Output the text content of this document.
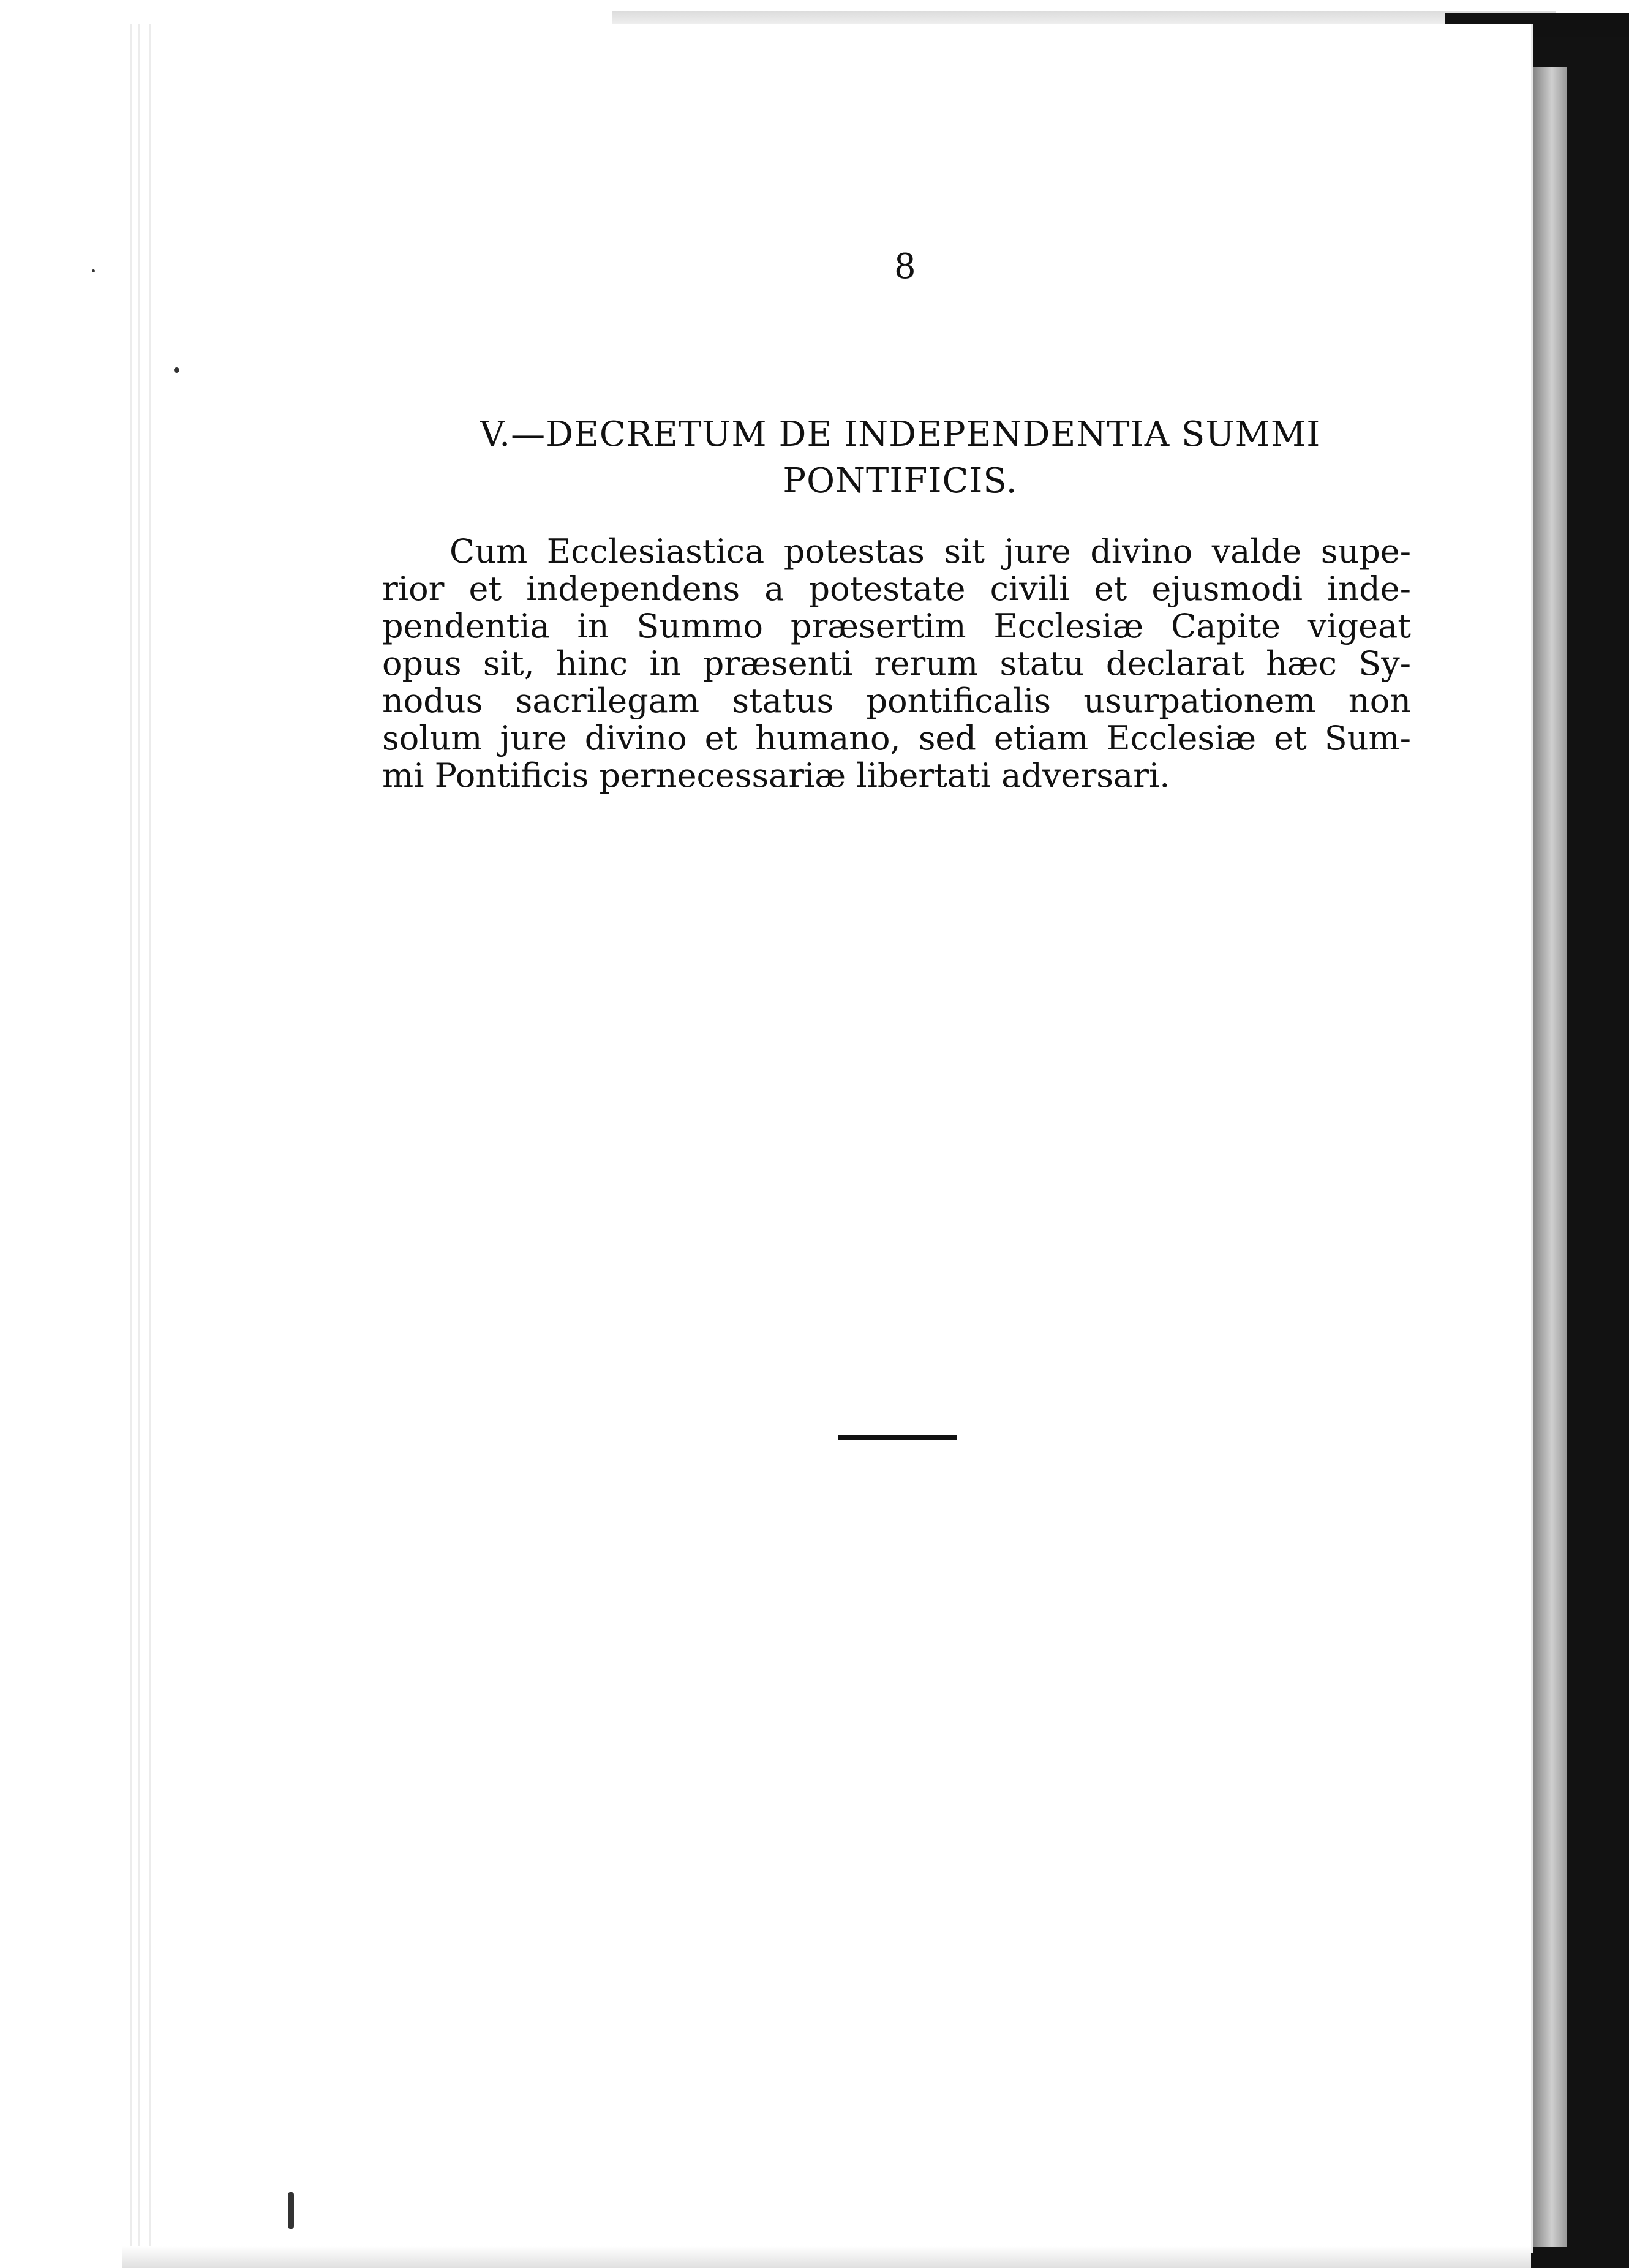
8
V.—DECRETUM DE INDEPENDENTIA SUMMI
PONTIFICIS.
Cum Ecclesiastica potestas sit jure divino valde supe-
rior et independens a potestate civili et ejusmodi inde-
pendentia in Summo præsertim Ecclesiæ Capite vigeat
opus sit, hinc in præsenti rerum statu declarat hæc Sy-
nodus sacrilegam status pontificalis usurpationem non
solum jure divino et humano, sed etiam Ecclesiæ et Sum-
mi Pontificis pernecessariæ libertati adversari.
